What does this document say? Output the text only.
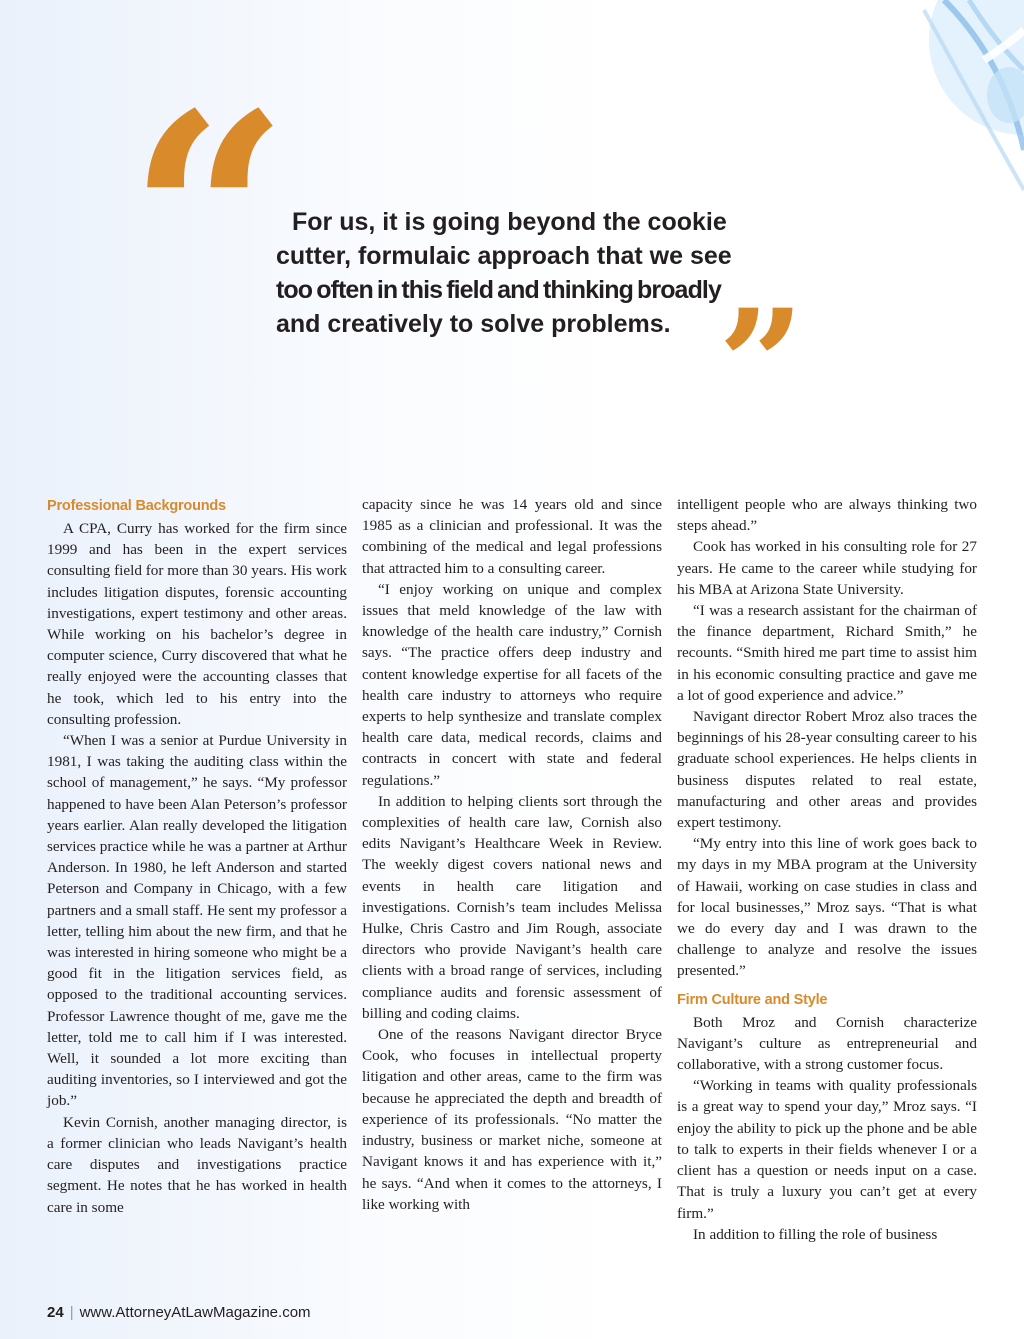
“ For us, it is going beyond the cookie
cutter, formulaic approach that we see
too often in this field and thinking broadly
and creatively to solve problems. ”
Professional Backgrounds

A CPA, Curry has worked for the firm since 1999 and has been in the expert services consulting field for more than 30 years. His work includes litigation disputes, forensic accounting investigations, expert testimony and other areas. While working on his bachelor’s degree in computer science, Curry discovered that what he really enjoyed were the accounting classes that he took, which led to his entry into the consulting profession.

“When I was a senior at Purdue University in 1981, I was taking the auditing class within the school of management,” he says. “My professor happened to have been Alan Peterson’s professor years earlier. Alan really developed the litigation services practice while he was a partner at Arthur Anderson. In 1980, he left Anderson and started Peterson and Company in Chicago, with a few partners and a small staff. He sent my professor a letter, telling him about the new firm, and that he was interested in hiring someone who might be a good fit in the litigation services field, as opposed to the traditional accounting services. Professor Lawrence thought of me, gave me the letter, told me to call him if I was interested. Well, it sounded a lot more exciting than auditing inventories, so I interviewed and got the job.”

Kevin Cornish, another managing director, is a former clinician who leads Navigant’s health care disputes and investigations practice segment. He notes that he has worked in health care in some

capacity since he was 14 years old and since 1985 as a clinician and professional. It was the combining of the medical and legal professions that attracted him to a consulting career.

“I enjoy working on unique and complex issues that meld knowledge of the law with knowledge of the health care industry,” Cornish says. “The practice offers deep industry and content knowledge expertise for all facets of the health care industry to attorneys who require experts to help synthesize and translate complex health care data, medical records, claims and contracts in concert with state and federal regulations.”

In addition to helping clients sort through the complexities of health care law, Cornish also edits Navigant’s Healthcare Week in Review. The weekly digest covers national news and events in health care litigation and investigations. Cornish’s team includes Melissa Hulke, Chris Castro and Jim Rough, associate directors who provide Navigant’s health care clients with a broad range of services, including compliance audits and forensic assessment of billing and coding claims.

One of the reasons Navigant director Bryce Cook, who focuses in intellectual property litigation and other areas, came to the firm was because he appreciated the depth and breadth of experience of its professionals. “No matter the industry, business or market niche, someone at Navigant knows it and has experience with it,” he says. “And when it comes to the attorneys, I like working with

intelligent people who are always thinking two steps ahead.”

Cook has worked in his consulting role for 27 years. He came to the career while studying for his MBA at Arizona State University.

“I was a research assistant for the chairman of the finance department, Richard Smith,” he recounts. “Smith hired me part time to assist him in his economic consulting practice and gave me a lot of good experience and advice.”

Navigant director Robert Mroz also traces the beginnings of his 28-year consulting career to his graduate school experiences. He helps clients in business disputes related to real estate, manufacturing and other areas and provides expert testimony.

“My entry into this line of work goes back to my days in my MBA program at the University of Hawaii, working on case studies in class and for local businesses,” Mroz says. “That is what we do every day and I was drawn to the challenge to analyze and resolve the issues presented.”

Firm Culture and Style

Both Mroz and Cornish characterize Navigant’s culture as entrepreneurial and collaborative, with a strong customer focus.

“Working in teams with quality professionals is a great way to spend your day,” Mroz says. “I enjoy the ability to pick up the phone and be able to talk to experts in their fields whenever I or a client has a question or needs input on a case. That is truly a luxury you can’t get at every firm.”

In addition to filling the role of business

24 | www.AttorneyAtLawMagazine.com
